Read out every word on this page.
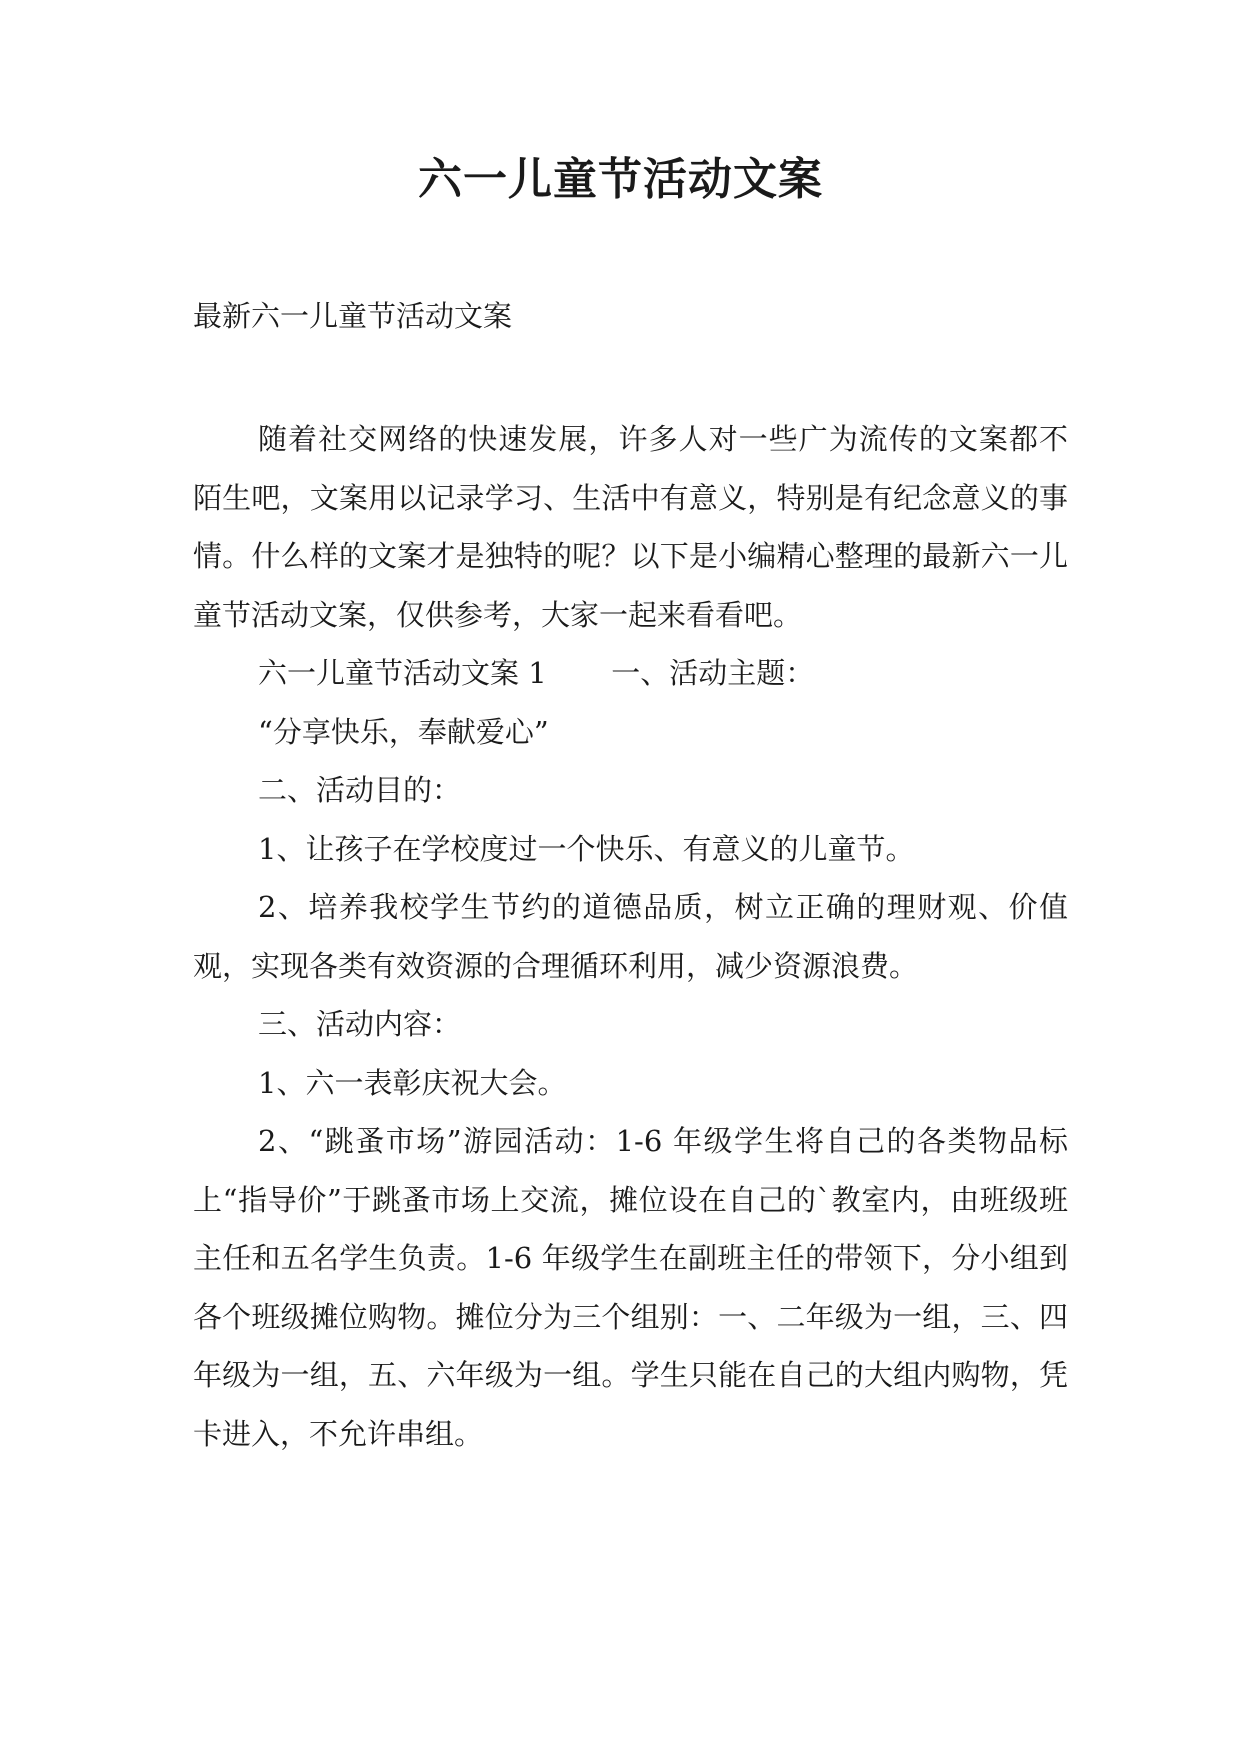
六一儿童节活动文案

最新六一儿童节活动文案

随着社交网络的快速发展，许多人对一些广为流传的文案都不陌生吧，文案用以记录学习、生活中有意义，特别是有纪念意义的事情。什么样的文案才是独特的呢？以下是小编精心整理的最新六一儿童节活动文案，仅供参考，大家一起来看看吧。

六一儿童节活动文案 1       一、活动主题：

“分享快乐，奉献爱心”

二、活动目的：

1、让孩子在学校度过一个快乐、有意义的儿童节。

2、培养我校学生节约的道德品质，树立正确的理财观、价值观，实现各类有效资源的合理循环利用，减少资源浪费。

三、活动内容：

1、六一表彰庆祝大会。

2、“跳蚤市场”游园活动：1-6 年级学生将自己的各类物品标上“指导价”于跳蚤市场上交流，摊位设在自己的`教室内，由班级班主任和五名学生负责。1-6 年级学生在副班主任的带领下，分小组到各个班级摊位购物。摊位分为三个组别：一、二年级为一组，三、四年级为一组，五、六年级为一组。学生只能在自己的大组内购物，凭卡进入，不允许串组。
